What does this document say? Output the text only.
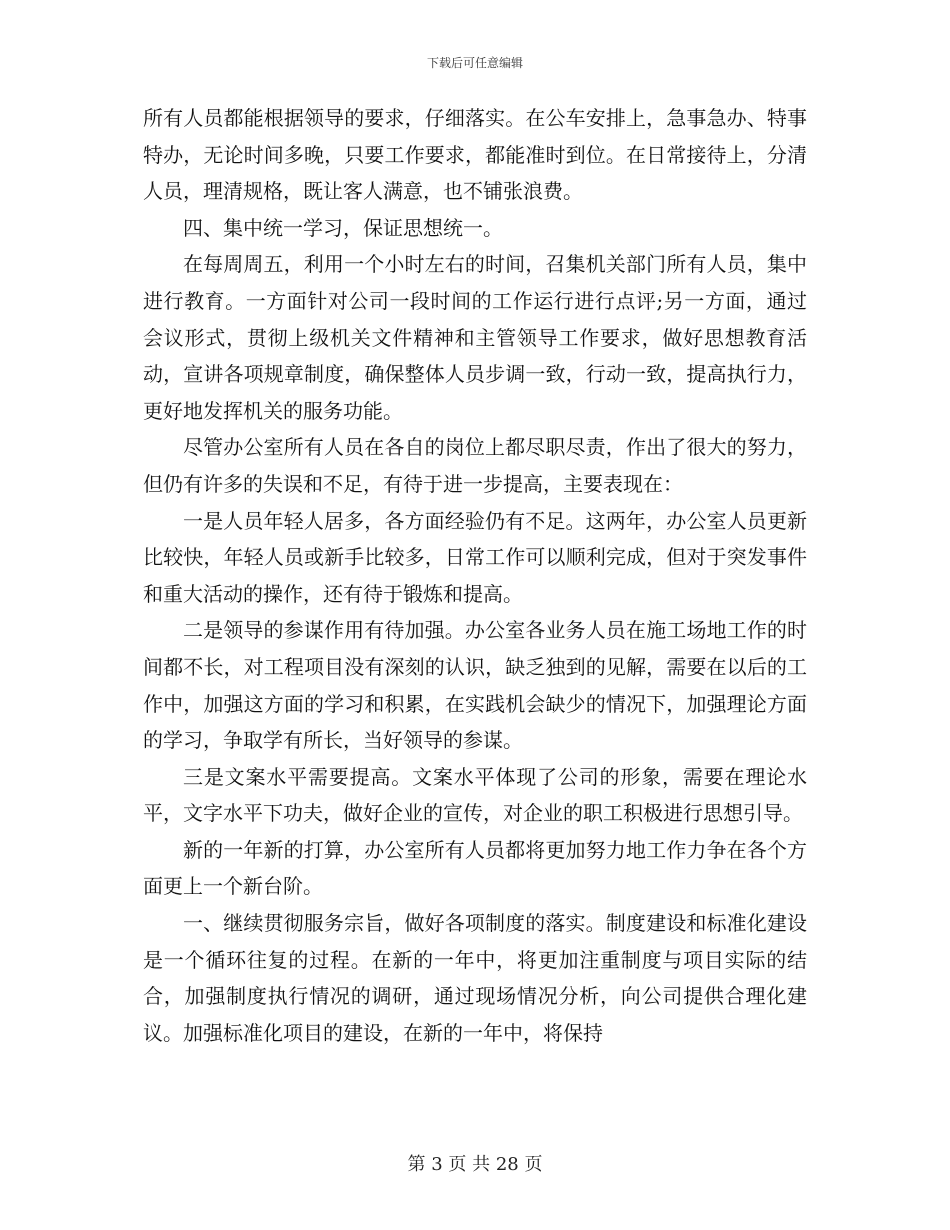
下载后可任意编辑

所有人员都能根据领导的要求，仔细落实。在公车安排上，急事急办、特事特办，无论时间多晚，只要工作要求，都能准时到位。在日常接待上，分清人员，理清规格，既让客人满意，也不铺张浪费。

四、集中统一学习，保证思想统一。

在每周周五，利用一个小时左右的时间，召集机关部门所有人员，集中进行教育。一方面针对公司一段时间的工作运行进行点评;另一方面，通过会议形式，贯彻上级机关文件精神和主管领导工作要求，做好思想教育活动，宣讲各项规章制度，确保整体人员步调一致，行动一致，提高执行力，更好地发挥机关的服务功能。

尽管办公室所有人员在各自的岗位上都尽职尽责，作出了很大的努力，但仍有许多的失误和不足，有待于进一步提高，主要表现在：

一是人员年轻人居多，各方面经验仍有不足。这两年，办公室人员更新比较快，年轻人员或新手比较多，日常工作可以顺利完成，但对于突发事件和重大活动的操作，还有待于锻炼和提高。

二是领导的参谋作用有待加强。办公室各业务人员在施工场地工作的时间都不长，对工程项目没有深刻的认识，缺乏独到的见解，需要在以后的工作中，加强这方面的学习和积累，在实践机会缺少的情况下，加强理论方面的学习，争取学有所长，当好领导的参谋。

三是文案水平需要提高。文案水平体现了公司的形象，需要在理论水平，文字水平下功夫，做好企业的宣传，对企业的职工积极进行思想引导。

新的一年新的打算，办公室所有人员都将更加努力地工作力争在各个方面更上一个新台阶。

一、继续贯彻服务宗旨，做好各项制度的落实。制度建设和标准化建设是一个循环往复的过程。在新的一年中，将更加注重制度与项目实际的结合，加强制度执行情况的调研，通过现场情况分析，向公司提供合理化建议。加强标准化项目的建设，在新的一年中，将保持

第 3 页 共 28 页
